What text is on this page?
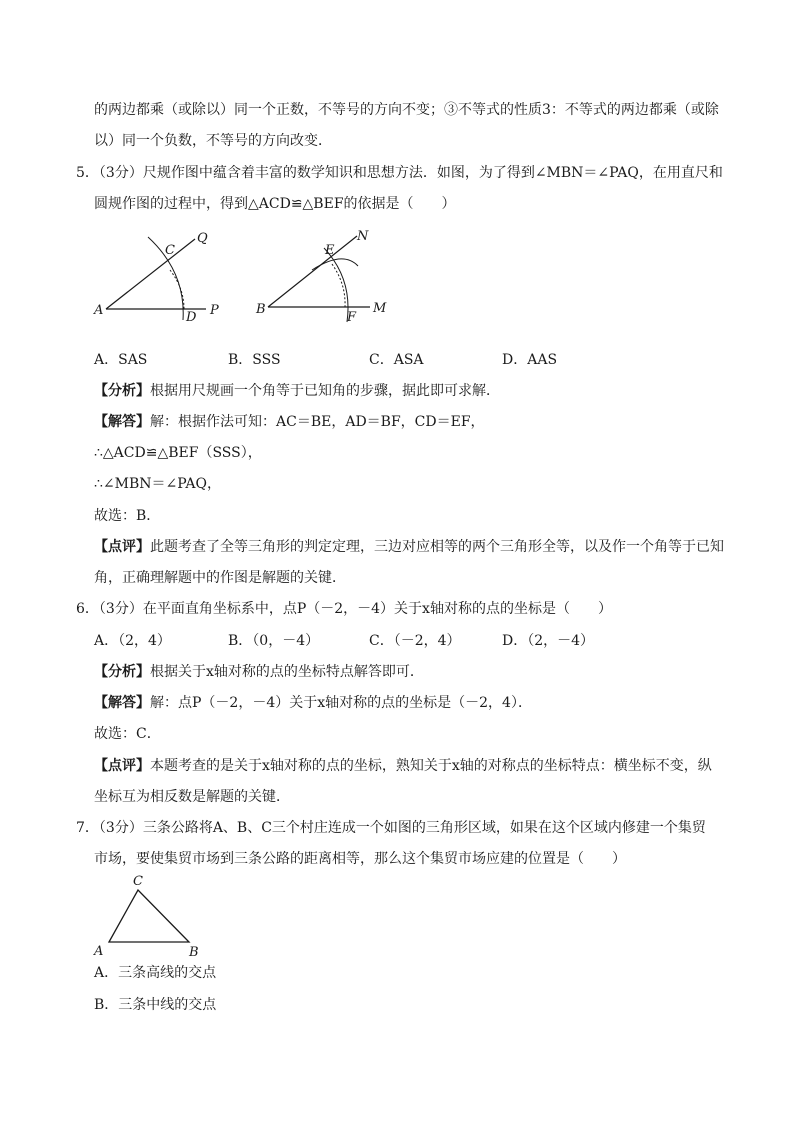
的两边都乘（或除以）同一个正数，不等号的方向不变；③不等式的性质3：不等式的两边都乘（或除
以）同一个负数，不等号的方向改变．
5．（3分）尺规作图中蕴含着丰富的数学知识和思想方法．如图，为了得到∠MBN＝∠PAQ，在用直尺和
圆规作图的过程中，得到△ACD≌△BEF的依据是（　　）
A
C
Q
D P	B
E
N
F
M
A．SAS	B．SSS	C．ASA	D．AAS
【分析】根据用尺规画一个角等于已知角的步骤，据此即可求解．
【解答】解：根据作法可知：AC＝BE，AD＝BF，CD＝EF，
∴△ACD≌△BEF（SSS），
∴∠MBN＝∠PAQ，
故选：B．
【点评】此题考查了全等三角形的判定定理，三边对应相等的两个三角形全等，以及作一个角等于已知
角，正确理解题中的作图是解题的关键．
6．（3分）在平面直角坐标系中，点P（－2，－4）关于x轴对称的点的坐标是（　　）
A．（2，4）	B．（0，－4）	C．（－2，4）	D．（2，－4）
【分析】根据关于x轴对称的点的坐标特点解答即可．
【解答】解：点P（－2，－4）关于x轴对称的点的坐标是（－2，4）．
故选：C．
【点评】本题考查的是关于x轴对称的点的坐标，熟知关于x轴的对称点的坐标特点：横坐标不变，纵
坐标互为相反数是解题的关键．
7．（3分）三条公路将A、B、C三个村庄连成一个如图的三角形区域，如果在这个区域内修建一个集贸
市场，要使集贸市场到三条公路的距离相等，那么这个集贸市场应建的位置是（　　）
C
A	B
A．三条高线的交点
B．三条中线的交点
